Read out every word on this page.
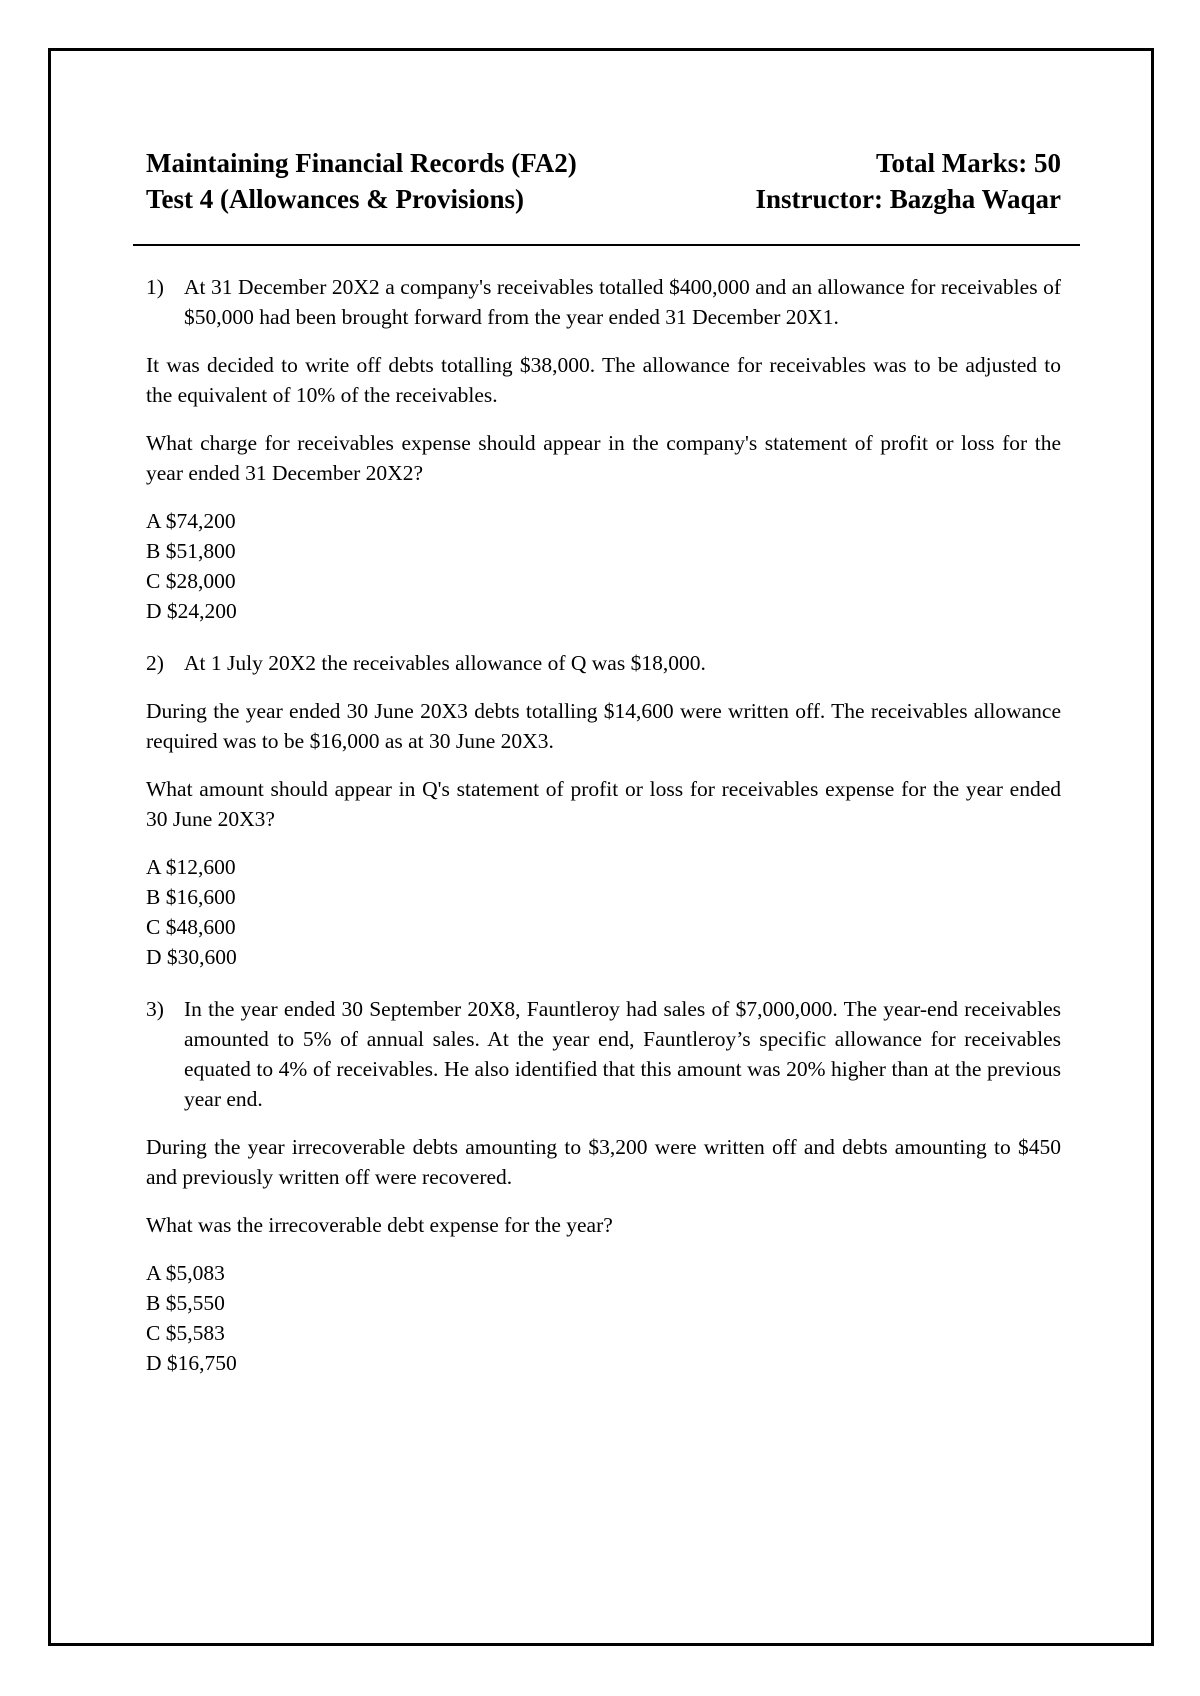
Maintaining Financial Records (FA2)	Total Marks: 50
Test 4 (Allowances & Provisions)	Instructor: Bazgha Waqar
1) At 31 December 20X2 a company's receivables totalled $400,000 and an allowance for receivables of $50,000 had been brought forward from the year ended 31 December 20X1.

It was decided to write off debts totalling $38,000. The allowance for receivables was to be adjusted to the equivalent of 10% of the receivables.

What charge for receivables expense should appear in the company's statement of profit or loss for the year ended 31 December 20X2?

A $74,200
B $51,800
C $28,000
D $24,200
2) At 1 July 20X2 the receivables allowance of Q was $18,000.

During the year ended 30 June 20X3 debts totalling $14,600 were written off. The receivables allowance required was to be $16,000 as at 30 June 20X3.

What amount should appear in Q's statement of profit or loss for receivables expense for the year ended 30 June 20X3?

A $12,600
B $16,600
C $48,600
D $30,600
3) In the year ended 30 September 20X8, Fauntleroy had sales of $7,000,000. The year-end receivables amounted to 5% of annual sales. At the year end, Fauntleroy’s specific allowance for receivables equated to 4% of receivables. He also identified that this amount was 20% higher than at the previous year end.

During the year irrecoverable debts amounting to $3,200 were written off and debts amounting to $450 and previously written off were recovered.

What was the irrecoverable debt expense for the year?

A $5,083
B $5,550
C $5,583
D $16,750
